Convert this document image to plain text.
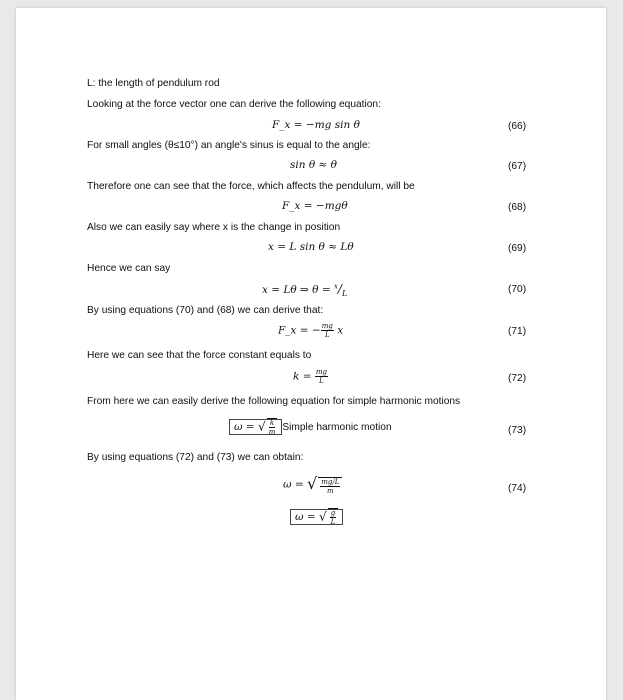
L: the length of pendulum rod
Looking at the force vector one can derive the following equation:
F_x = −mg sin θ	(66)
For small angles (θ≤10°) an angle's sinus is equal to the angle:
sin θ ≈ θ	(67)
Therefore one can see that the force, which affects the pendulum, will be
F_x = −mgθ	(68)
Also we can easily say where x is the change in position
x = L sin θ ≈ Lθ	(69)
Hence we can say
x = Lθ ⇒ $\theta = ^x/_L$	(70)
By using equations (70) and (68) we can derive that:
F_x = − $\frac{mg}{L}$ x	(71)
Here we can see that the force constant equals to
$k = \frac{mg}{L}$	(72)
From here we can easily derive the following equation for simple harmonic motions
ω = √ $\frac{k}{m}$ Simple harmonic motion	(73)
By using equations (72) and (73) we can obtain:
ω = √ $\frac{mg/L}{m}$	(74)
ω = √ $\frac{g}{L}$
